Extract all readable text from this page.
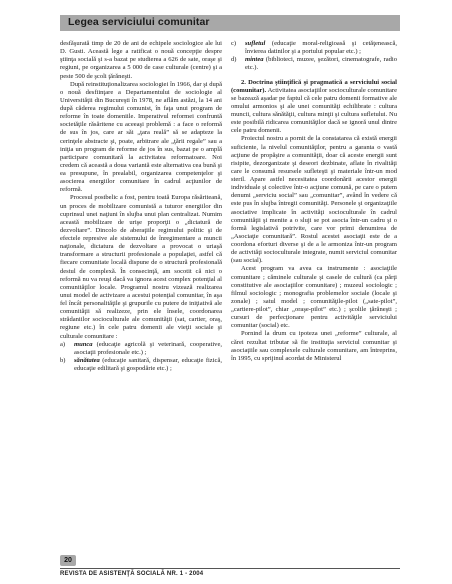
Legea serviciului comunitar

desfăşurată timp de 20 de ani de echipele sociologice ale lui D. Gusti. Această lege a ratificat o nouă concepţie despre ştiinţa socială şi s-a bazat pe studierea a 626 de sate, oraşe şi regiuni, pe organizarea a 5 000 de case culturale (centre) şi a peste 500 de şcoli ţărăneşti.

După reinstituţionalizarea sociologiei în 1966, dar şi după o nouă desfiinţare a Departamentului de sociologie al Universităţii din Bucureşti în 1978, ne aflăm astăzi, la 14 ani după căderea regimului comunist, în faţa unui program de reforme în toate domeniile. Imperativul reformei confruntă societăţile răsăritene cu aceeaşi problemă : a face o reformă de sus în jos, care ar săi „ţara reală” să se adapteze la cerinţele abstracte şi, poate, arbitrare ale „ţării regale” sau a iniţia un program de reforme de jos în sus, bazat pe o amplă participare comunitară la activitatea reformatoare. Noi credem că această a doua variantă este alternativa cea bună şi ea presupune, în prealabil, organizarea competenţelor şi asocierea energiilor comunitare în cadrul acţiunilor de reformă.

Procesul postbelic a fost, pentru toată Europa răsăriteană, un proces de mobilizare comunistă a tuturor energiilor din cuprinsul unei naţiuni în slujba unui plan centralizat. Numim această mobilizare de urişe proporţii o „dictatură de dezvoltare”. Dincolo de aberaţiile regimului politic şi de efectele represive ale sistemului de înregimentare a muncii naţionale, dictatura de dezvoltare a provocat o uriaşă transformare a structurii profesionale a populaţiei, astfel că fiecare comunitate locală dispune de o structură profesională destul de complexă. În consecinţă, am socotit că nici o reformă nu va reuşi dacă va ignora acest complex potenţial al comunităţilor locale. Programul nostru vizează realizarea unui model de activizare a acestui potenţial comunitar, în aşa fel încât personalităţile şi grupurile cu putere de iniţiativă ale comunităţii să realizeze, prin ele însele, coordonarea strădaniilor socioculturale ale comunităţii (sat, cartier, oraş, regiune etc.) în cele patru domenii ale vieţii sociale şi culturale comunitare :

a) munca (educaţie agricolă şi veterinară, cooperative, asociaţii profesionale etc.) ;
b) sănătatea (educaţie sanitară, dispensar, educaţie fizică, educaţie edilitară şi gospodărie etc.) ;
c) sufletul (educaţie moral-religioasă şi cetăţenească, învierea datinilor şi a portului popular etc.) ;
d) mintea (biblioteci, muzee, şezători, cinematografe, radio etc.).

2. Doctrina ştiinţifică şi pragmatică a serviciului social (comunitar). Activitatea asociaţiilor socioculturale comunitare se bazează aşadar pe faptul că cele patru domenii formative ale omului armonios şi ale unei comunităţi echilibrate : cultura muncii, cultura sănătăţii, cultura minţii şi cultura sufletului. Nu este posibilă ridicarea comunităţilor dacă se ignoră unul dintre cele patru domenii.

Proiectul nostru a pornit de la constatarea că există energii suficiente, la nivelul comunităţilor, pentru a garanta o vastă acţiune de propăşire a comunităţii, doar că aceste energii sunt risipite, dezorganizate şi deseori dezbinate, aflate în rivalităţi care le consumă resursele sufleteşti şi materiale într-un mod steril. Apare astfel necesitatea coordonării acestor energii individuale şi colective într-o acţiune comună, pe care o putem denumi „serviciu social” sau „comunitar”, având în vedere că este pus în slujba întregii comunităţi. Personele şi organizaţiile asociative implicate în activităţi socioculturale în cadrul comunităţii şi menite a o sluji se pot asocia într-un cadru şi o formă legislativă potrivite, care vor primi denumirea de „Asociaţie comunitară”. Rostul acestei asociaţii este de a coordona eforturi diverse şi de a le armoniza într-un program de activităţi socioculturale integrate, numit serviciul comunitar (sau social).

Acest program va avea ca instrumente : asociaţiile comunitare ; căminele culturale şi casele de cultură (ca părţi constitutive ale asociaţiilor comunitare) ; muzeul sociologic ; filmul sociologic ; monografia problemelor sociale (locale şi zonale) ; satul model ; comunităţile-pilot („sate-pilot”, „cartiere-pilot”, chiar „oraşe-pilot” etc.) ; şcolile ţărăneşti ; cursuri de perfecţionare pentru activităţile serviciului comunitar (social) etc.

Pornind la drum cu ipoteza unei „reforme” culturale, al cărei rezultat tributar să fie instituţia serviciul comunitar şi asociaţiile sau complexele culturale comunitare, am întreprins, în 1995, cu sprijinul acordat de Ministerul

20
REVISTA DE ASISTENŢĂ SOCIALĂ NR. 1 - 2004
